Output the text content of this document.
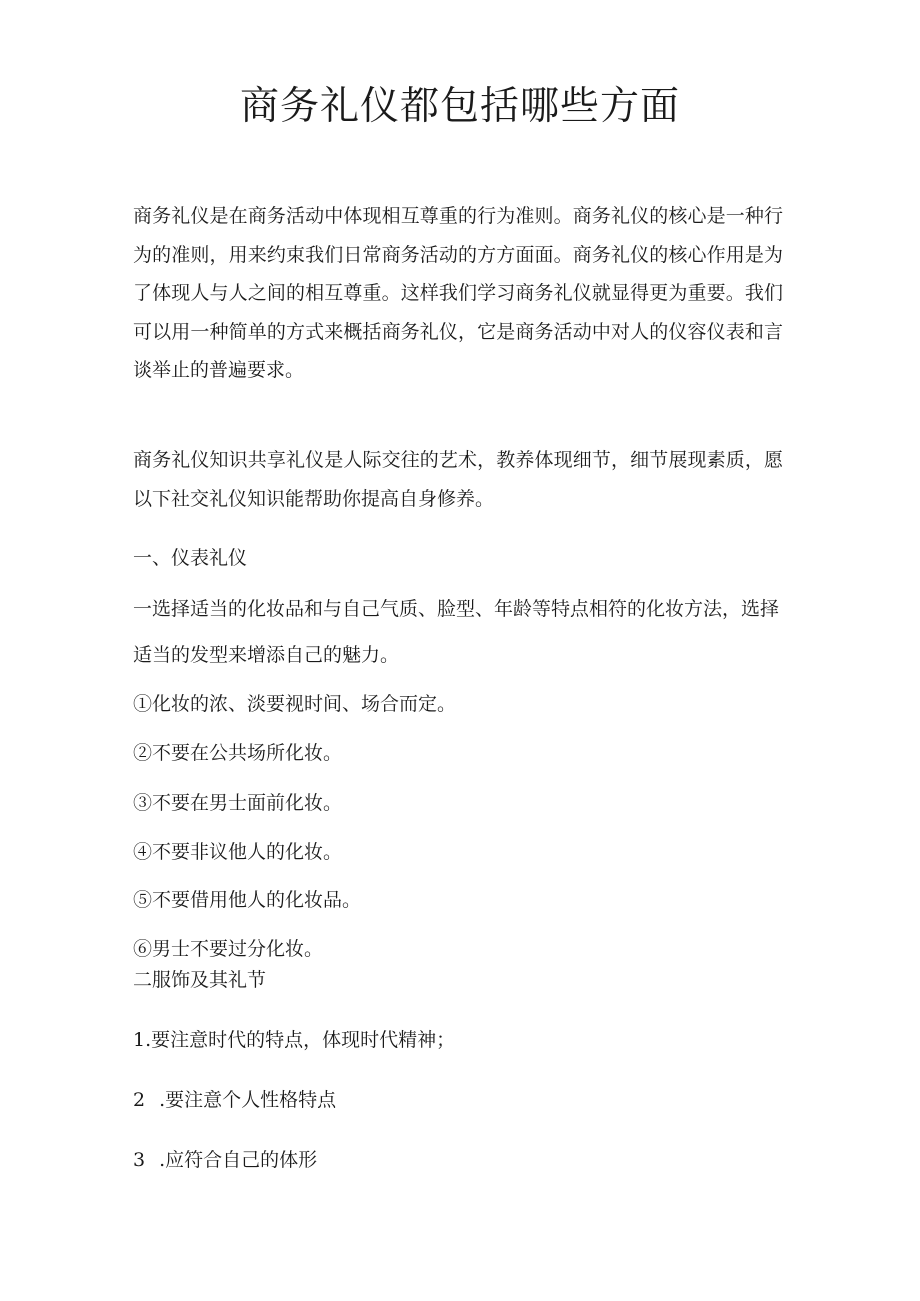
商务礼仪都包括哪些方面

商务礼仪是在商务活动中体现相互尊重的行为准则。商务礼仪的核心是一种行为的准则，用来约束我们日常商务活动的方方面面。商务礼仪的核心作用是为了体现人与人之间的相互尊重。这样我们学习商务礼仪就显得更为重要。我们可以用一种简单的方式来概括商务礼仪，它是商务活动中对人的仪容仪表和言谈举止的普遍要求。

商务礼仪知识共享礼仪是人际交往的艺术，教养体现细节，细节展现素质，愿以下社交礼仪知识能帮助你提高自身修养。

一、仪表礼仪

一选择适当的化妆品和与自己气质、脸型、年龄等特点相符的化妆方法，选择适当的发型来增添自己的魅力。

①化妆的浓、淡要视时间、场合而定。

②不要在公共场所化妆。

③不要在男士面前化妆。

④不要非议他人的化妆。

⑤不要借用他人的化妆品。

⑥男士不要过分化妆。

二服饰及其礼节

1.要注意时代的特点，体现时代精神；

2 .要注意个人性格特点

3 .应符合自己的体形
